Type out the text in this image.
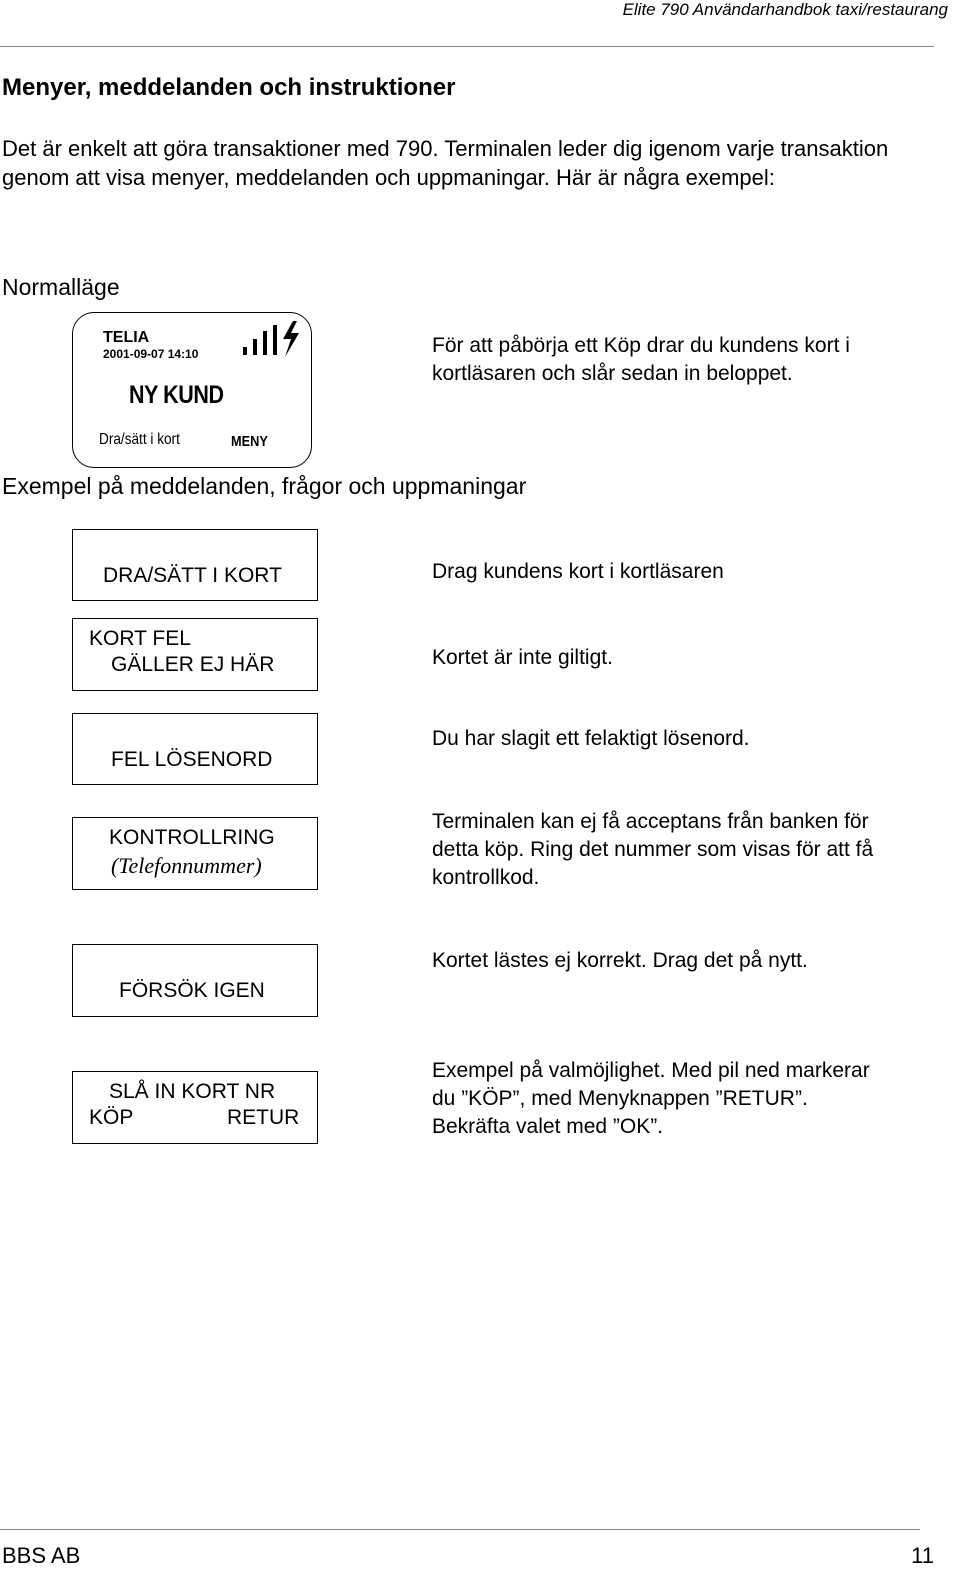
Elite 790 Användarhandbok taxi/restaurang
Menyer, meddelanden och instruktioner
Det är enkelt att göra transaktioner med 790. Terminalen leder dig igenom varje transaktion genom att visa menyer, meddelanden och uppmaningar. Här är några exempel:
Normalläge
TELIA
2001-09-07 14:10
NY KUND
Dra/sätt i kort	MENY
För att påbörja ett Köp drar du kundens kort i
kortläsaren och slår sedan in beloppet.
Exempel på meddelanden, frågor och uppmaningar
DRA/SÄTT I KORT	Drag kundens kort i kortläsaren
KORT FEL
GÄLLER EJ HÄR	Kortet är inte giltigt.
FEL LÖSENORD
Du har slagit ett felaktigt lösenord.
KONTROLLRING
(Telefonnummer)
Terminalen kan ej få acceptans från banken för
detta köp. Ring det nummer som visas för att få
kontrollkod.
FÖRSÖK IGEN
Kortet lästes ej korrekt. Drag det på nytt.
SLÅ IN KORT NR
KÖP	RETUR
Exempel på valmöjlighet. Med pil ned markerar
du ”KÖP”, med Menyknappen ”RETUR”.
Bekräfta valet med ”OK”.
BBS AB	11
